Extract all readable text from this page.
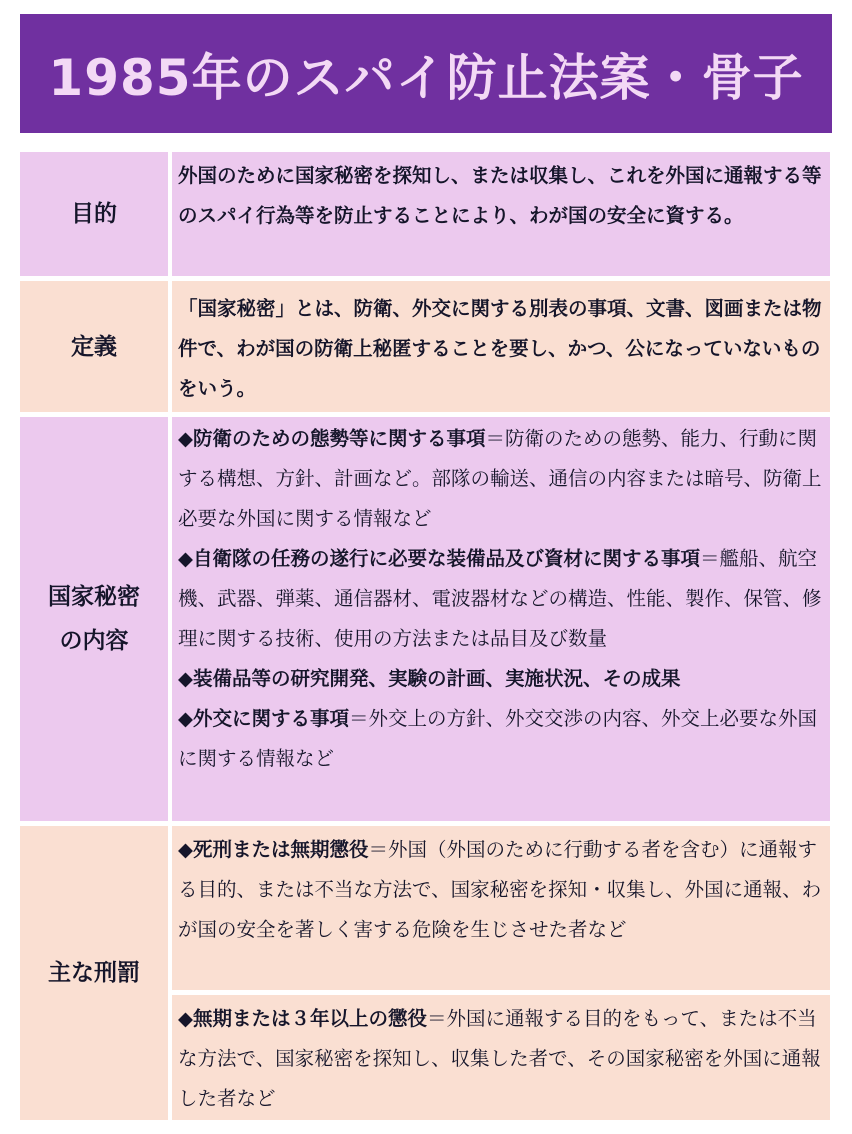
1985年のスパイ防止法案・骨子
目的
外国のために国家秘密を探知し、または収集し、これを外国に通報する等のスパイ行為等を防止することにより、わが国の安全に資する。
定義
「国家秘密」とは、防衛、外交に関する別表の事項、文書、図画または物件で、わが国の防衛上秘匿することを要し、かつ、公になっていないものをいう。
国家秘密
の内容

◆防衛のための態勢等に関する事項＝防衛のための態勢、能力、行動に関する構想、方針、計画など。部隊の輸送、通信の内容または暗号、防衛上必要な外国に関する情報など

◆自衛隊の任務の遂行に必要な装備品及び資材に関する事項＝艦船、航空機、武器、弾薬、通信器材、電波器材などの構造、性能、製作、保管、修理に関する技術、使用の方法または品目及び数量

◆装備品等の研究開発、実験の計画、実施状況、その成果

◆外交に関する事項＝外交上の方針、外交交渉の内容、外交上必要な外国に関する情報など

主な刑罰
◆死刑または無期懲役＝外国（外国のために行動する者を含む）に通報する目的、または不当な方法で、国家秘密を探知・収集し、外国に通報、わが国の安全を著しく害する危険を生じさせた者など
◆無期または３年以上の懲役＝外国に通報する目的をもって、または不当な方法で、国家秘密を探知し、収集した者で、その国家秘密を外国に通報した者など
